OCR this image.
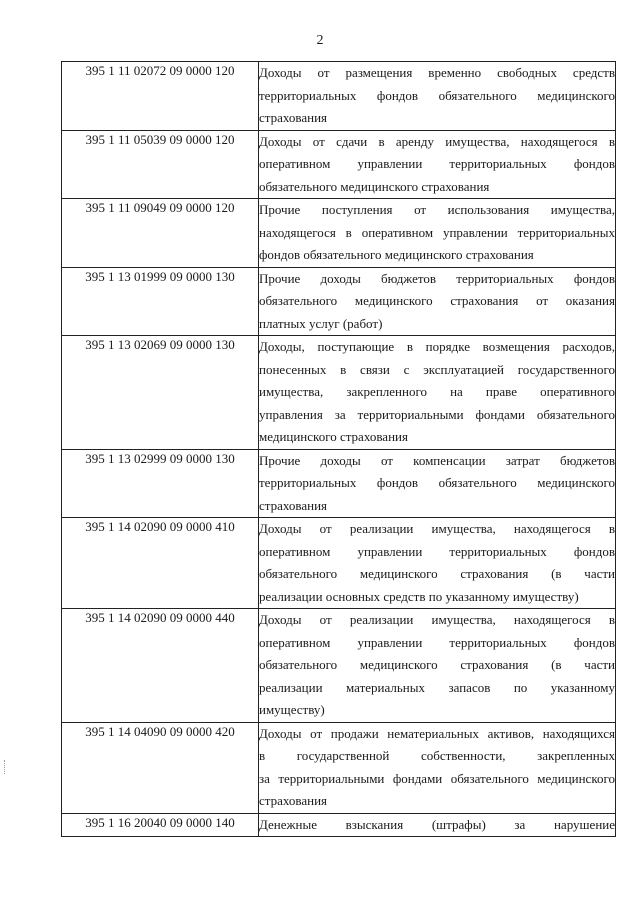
2
395 1 11 02072 09 0000 120	Доходы от размещения временно свободных средств
территориальных фондов обязательного медицинского
страхования

395 1 11 05039 09 0000 120	Доходы от сдачи в аренду имущества, находящегося в
оперативном управлении территориальных фондов
обязательного медицинского страхования

395 1 11 09049 09 0000 120	Прочие поступления от использования имущества,
находящегося в оперативном управлении территориальных
фондов обязательного медицинского страхования

395 1 13 01999 09 0000 130	Прочие доходы бюджетов территориальных фондов
обязательного медицинского страхования от оказания
платных услуг (работ)

395 1 13 02069 09 0000 130	Доходы, поступающие в порядке возмещения расходов,
понесенных в связи с эксплуатацией государственного
имущества, закрепленного на праве оперативного
управления за территориальными фондами обязательного
медицинского страхования

395 1 13 02999 09 0000 130	Прочие доходы от компенсации затрат бюджетов
территориальных фондов обязательного медицинского
страхования

395 1 14 02090 09 0000 410	Доходы от реализации имущества, находящегося в
оперативном управлении территориальных фондов
обязательного медицинского страхования (в части
реализации основных средств по указанному имуществу)

395 1 14 02090 09 0000 440	Доходы от реализации имущества, находящегося в
оперативном управлении территориальных фондов
обязательного медицинского страхования (в части
реализации материальных запасов по указанному
имуществу)

395 1 14 04090 09 0000 420	Доходы от продажи нематериальных активов, находящихся
в государственной собственности, закрепленных
за территориальными фондами обязательного медицинского
страхования

395 1 16 20040 09 0000 140	Денежные взыскания (штрафы) за нарушение
